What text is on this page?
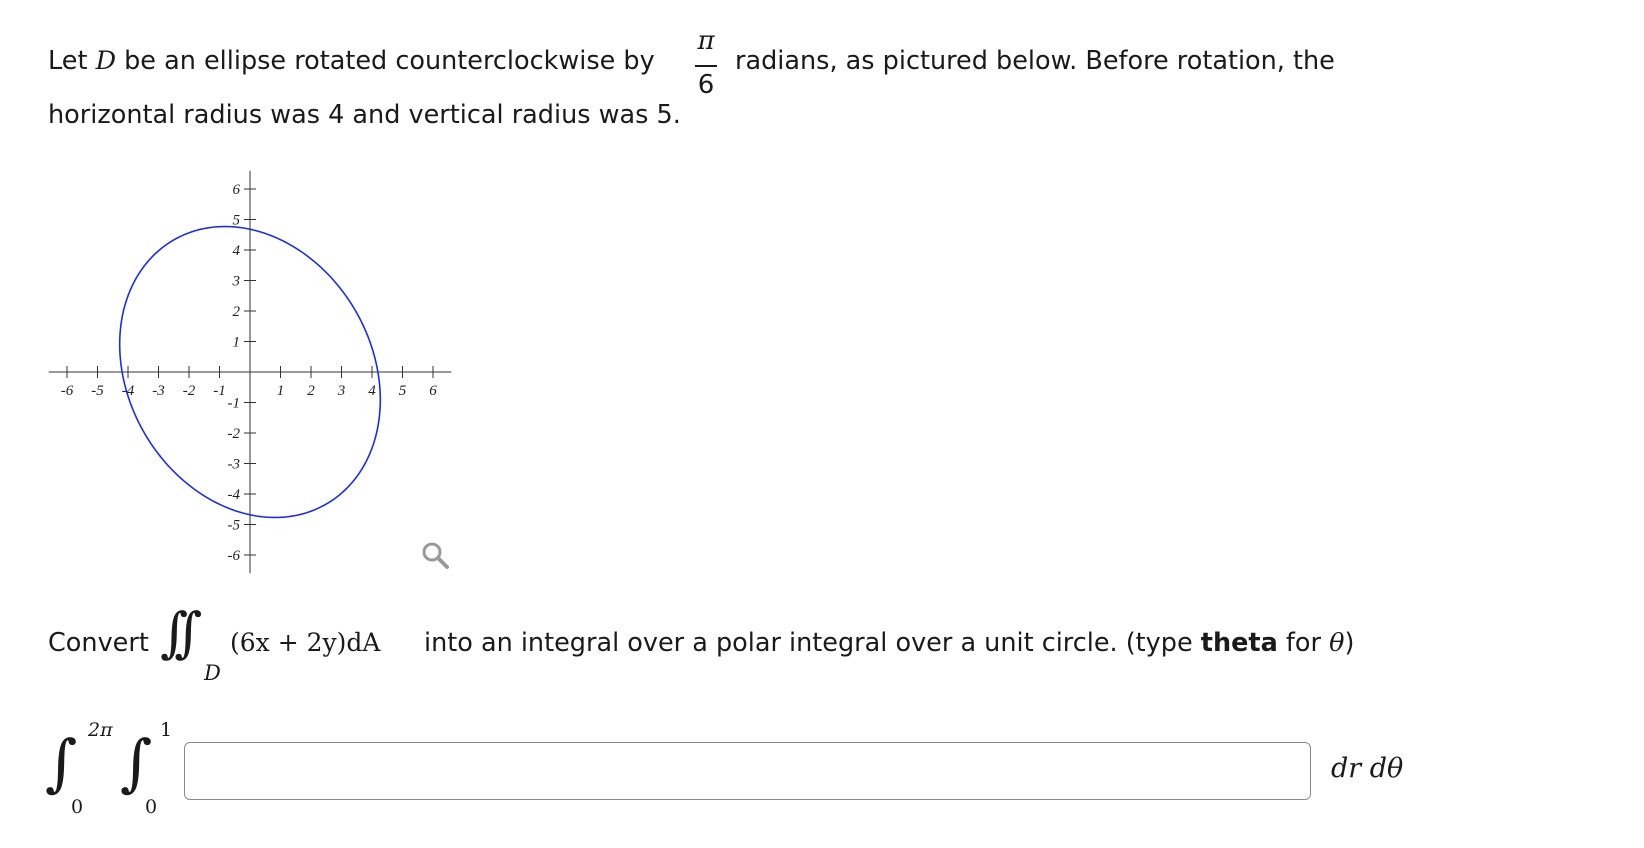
Let D be an ellipse rotated counterclockwise by
π
6
radians, as pictured below. Before rotation, the
horizontal radius was 4 and vertical radius was 5.
-6 -5 -4 -3 -2 -1	1 2 3 4 5 6
6
5
4
3
2
1
-1
-2
-3
-4
-5
-6
Convert ∫∫
D
(6x + 2y)dA into an integral over a polar integral over a unit circle. (type theta for θ)
∫ 2π
0
∫ 1
0
dr dθ
